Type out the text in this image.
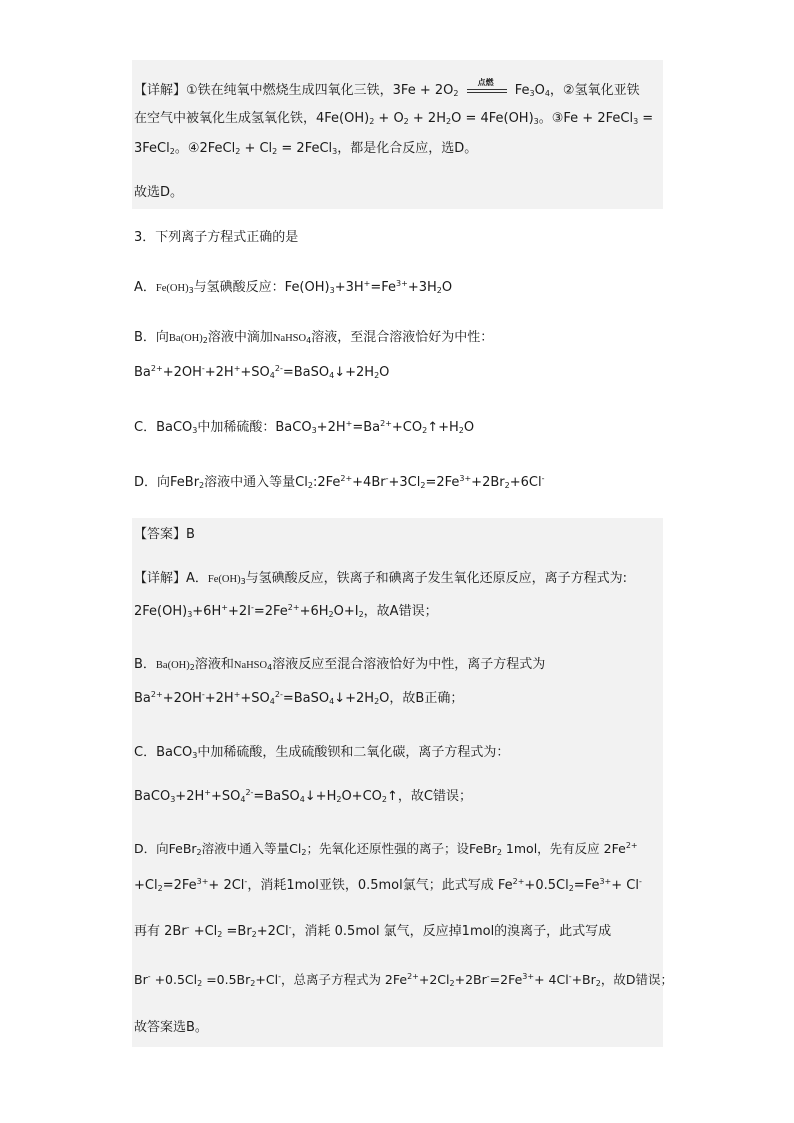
【详解】①铁在纯氧中燃烧生成四氧化三铁，$3Fe + 2O_2$
点燃
$Fe_3O_4$，②氢氧化亚铁
在空气中被氧化生成氢氧化铁，$4Fe(OH)_2 + O_2 + 2H_2O = 4Fe(OH)_3$。③Fe + 2FeCl$_3$ =
3FeCl$_2$。④2FeCl$_2$ + $Cl_2$ = 2FeCl$_3$，都是化合反应，选D。
故选D。
3．下列离子方程式正确的是
A．$Fe(OH)_3$与氢碘酸反应：$Fe(OH)_3+3H^+=Fe^{3+}+3H_2O$
B．向$Ba(OH)_2$溶液中滴加NaHSO$_4$溶液，至混合溶液恰好为中性：
$Ba^{2+}+2OH^-+2H^++SO_4^{2-}=BaSO_4↓+2H_2O$
C．BaCO$_3$中加稀硫酸：$BaCO_3+2H^+=Ba^{2+}+CO_2↑+H_2O$
D．向FeBr$_2$溶液中通入等量$Cl_2:2Fe^{2+}+4Br^-+3Cl_2=2Fe^{3+}+2Br_2+6Cl^-$
【答案】B
【详解】A．$Fe(OH)_3$与氢碘酸反应，铁离子和碘离子发生氧化还原反应，离子方程式为:
$2Fe(OH)_3+6H^++2I^-=2Fe^{2+}+6H_2O+I_2$，故A错误；
B．$Ba(OH)_2$溶液和NaHSO$_4$溶液反应至混合溶液恰好为中性，离子方程式为
$Ba^{2+}+2OH^-+2H^++SO_4^{2-}=BaSO_4↓+2H_2O$，故B正确；
C．BaCO$_3$中加稀硫酸，生成硫酸钡和二氧化碳，离子方程式为：
$BaCO_3+2H^++SO_4^{2-}=BaSO_4↓+H_2O+CO_2↑$，故C错误；
D．向FeBr$_2$溶液中通入等量$Cl_2$；先氧化还原性强的离子；设FeBr$_2$ 1mol，先有反应 $2Fe^{2+}$
$+Cl_2=2Fe^{3+}+ 2Cl^-$，消耗1mol亚铁，0.5mol氯气；此式写成 $Fe^{2+}+0.5Cl_2=Fe^{3+}+ Cl^-$
再有 $2Br^- +Cl_2 =Br_2+2Cl^-$，消耗 0.5mol 氯气，反应掉1mol的溴离子，此式写成
$Br^- +0.5Cl_2 =0.5Br_2+Cl^-$，总离子方程式为 $2Fe^{2+}+2Cl_2+2Br^-=2Fe^{3+}+ 4Cl^-+Br_2$，故D错误；
故答案选B。
